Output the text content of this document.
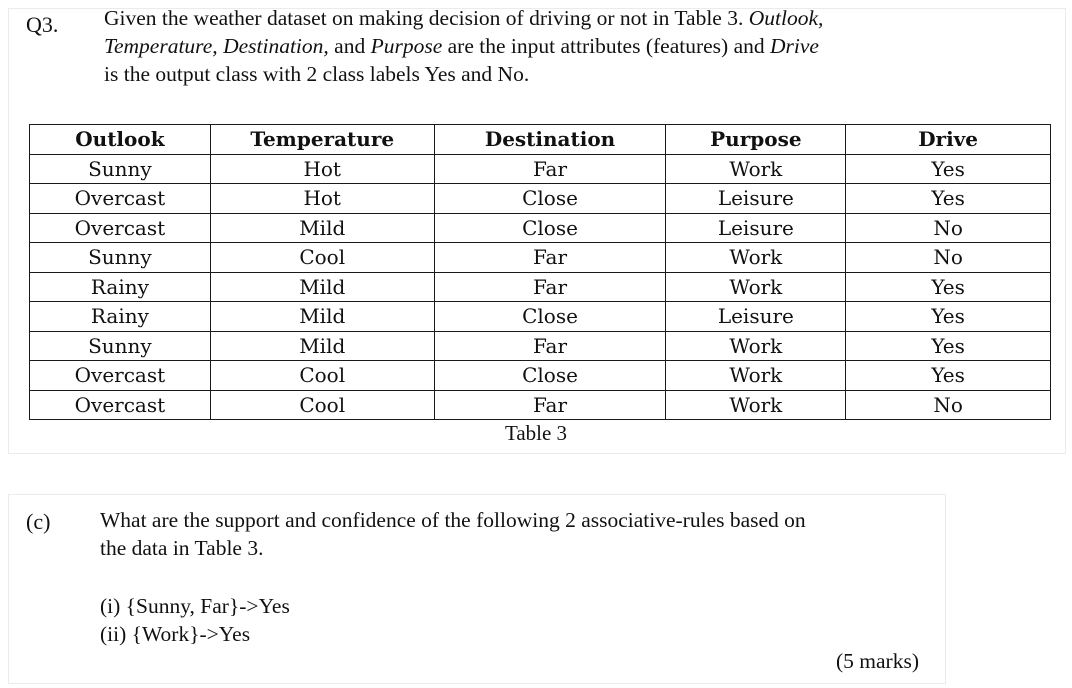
Q3. Given the weather dataset on making decision of driving or not in Table 3. Outlook,
Temperature, Destination, and Purpose are the input attributes (features) and Drive
is the output class with 2 class labels Yes and No.
Outlook	Temperature	Destination	Purpose	Drive
Sunny	Hot	Far	Work	Yes
Overcast	Hot	Close	Leisure	Yes
Overcast	Mild	Close	Leisure	No
Sunny	Cool	Far	Work	No
Rainy	Mild	Far	Work	Yes
Rainy	Mild	Close	Leisure	Yes
Sunny	Mild	Far	Work	Yes
Overcast	Cool	Close	Work	Yes
Overcast	Cool	Far	Work	No
Table 3
(c) What are the support and confidence of the following 2 associative-rules based on
the data in Table 3.
(i) {Sunny, Far}->Yes
(ii) {Work}->Yes
(5 marks)
